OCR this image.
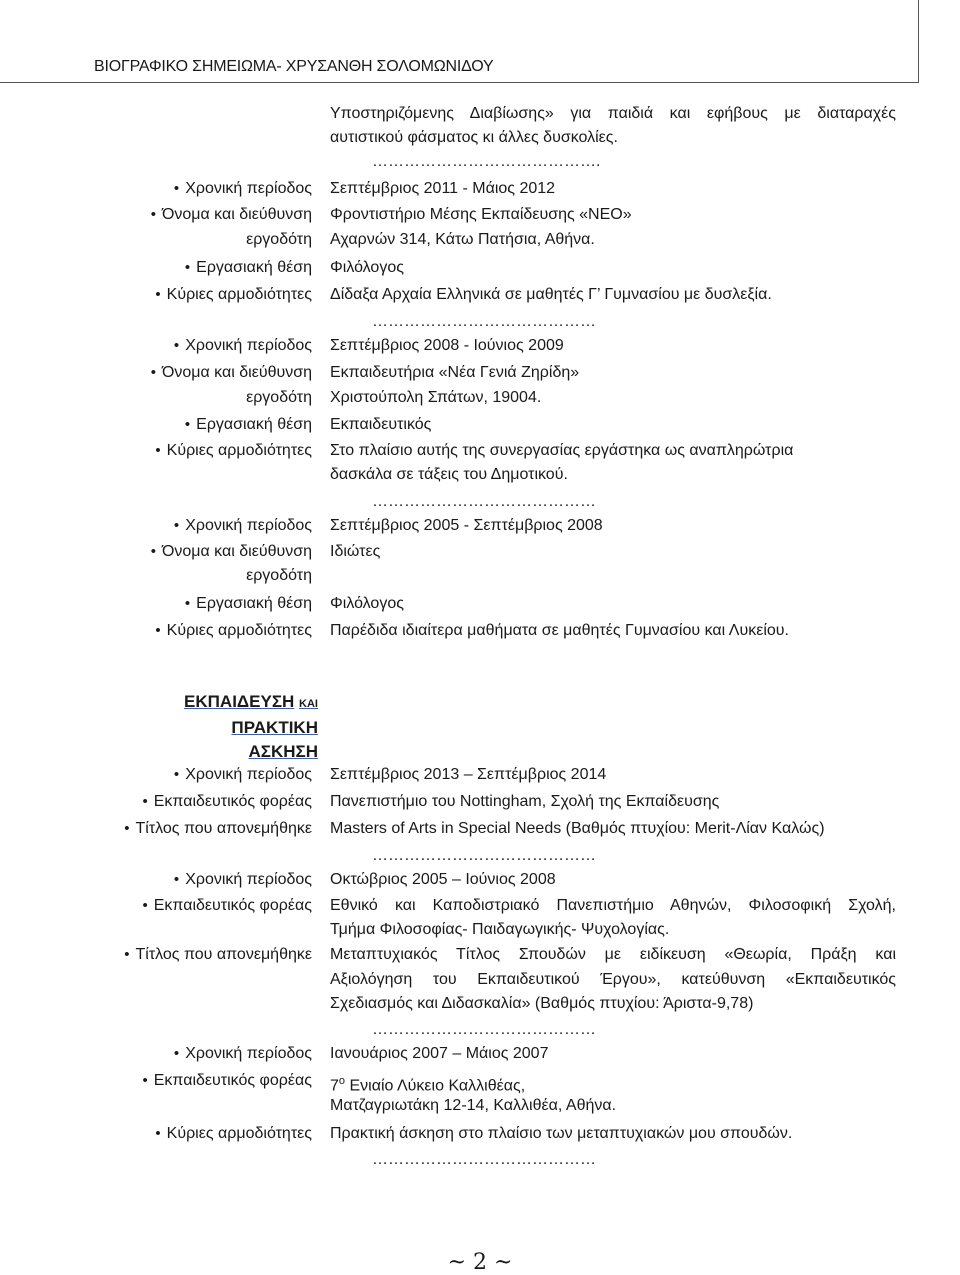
ΒΙΟΓΡΑΦΙΚΟ ΣΗΜΕΙΩΜΑ- ΧΡΥΣΑΝΘΗ ΣΟΛΟΜΩΝΙΔΟΥ
Υποστηριζόμενης Διαβίωσης» για παιδιά και εφήβους με διαταραχές
αυτιστικού φάσματος κι άλλες δυσκολίες.
…………………………………….
• Χρονική περίοδος Σεπτέμβριος 2011 - Μάιος 2012
• Όνομα και διεύθυνση Φροντιστήριο Μέσης Εκπαίδευσης «ΝΕΟ»
εργοδότη Αχαρνών 314, Κάτω Πατήσια, Αθήνα.
• Εργασιακή θέση Φιλόλογος
• Κύριες αρμοδιότητες Δίδαξα Αρχαία Ελληνικά σε μαθητές Γ’ Γυμνασίου με δυσλεξία.
……………………………………
• Χρονική περίοδος Σεπτέμβριος 2008 - Ιούνιος 2009
• Όνομα και διεύθυνση Εκπαιδευτήρια «Νέα Γενιά Ζηρίδη»
εργοδότη Χριστούπολη Σπάτων, 19004.
• Εργασιακή θέση Εκπαιδευτικός
• Κύριες αρμοδιότητες Στο πλαίσιο αυτής της συνεργασίας εργάστηκα ως αναπληρώτρια
δασκάλα σε τάξεις του Δημοτικού.
……………………………………
• Χρονική περίοδος Σεπτέμβριος 2005 - Σεπτέμβριος 2008
• Όνομα και διεύθυνση Ιδιώτες
εργοδότη
• Εργασιακή θέση Φιλόλογος
• Κύριες αρμοδιότητες Παρέδιδα ιδιαίτερα μαθήματα σε μαθητές Γυμνασίου και Λυκείου.
ΕΚΠΑΙΔΕΥΣΗ ΚΑΙ ΠΡΑΚΤΙΚΗ
ΑΣΚΗΣΗ
• Χρονική περίοδος Σεπτέμβριος 2013 – Σεπτέμβριος 2014
• Εκπαιδευτικός φορέας Πανεπιστήμιο του Nottingham, Σχολή της Εκπαίδευσης
• Τίτλος που απονεμήθηκε Masters of Arts in Special Needs (Βαθμός πτυχίου: Merit-Λίαν Καλώς)
……………………………………
• Χρονική περίοδος Οκτώβριος 2005 – Ιούνιος 2008
• Εκπαιδευτικός φορέας Εθνικό και Καποδιστριακό Πανεπιστήμιο Αθηνών, Φιλοσοφική Σχολή,
Τμήμα Φιλοσοφίας- Παιδαγωγικής- Ψυχολογίας.
• Τίτλος που απονεμήθηκε Μεταπτυχιακός Τίτλος Σπουδών με ειδίκευση «Θεωρία, Πράξη και
Αξιολόγηση του Εκπαιδευτικού Έργου», κατεύθυνση «Εκπαιδευτικός
Σχεδιασμός και Διδασκαλία» (Βαθμός πτυχίου: Άριστα-9,78)
……………………………………
• Χρονική περίοδος Ιανουάριος 2007 – Μάιος 2007
• Εκπαιδευτικός φορέας $7^o$ Ενιαίο Λύκειο Καλλιθέας,
Ματζαγριωτάκη 12-14, Καλλιθέα, Αθήνα.
• Κύριες αρμοδιότητες Πρακτική άσκηση στο πλαίσιο των μεταπτυχιακών μου σπουδών.
……………………………………
~ 2 ~
